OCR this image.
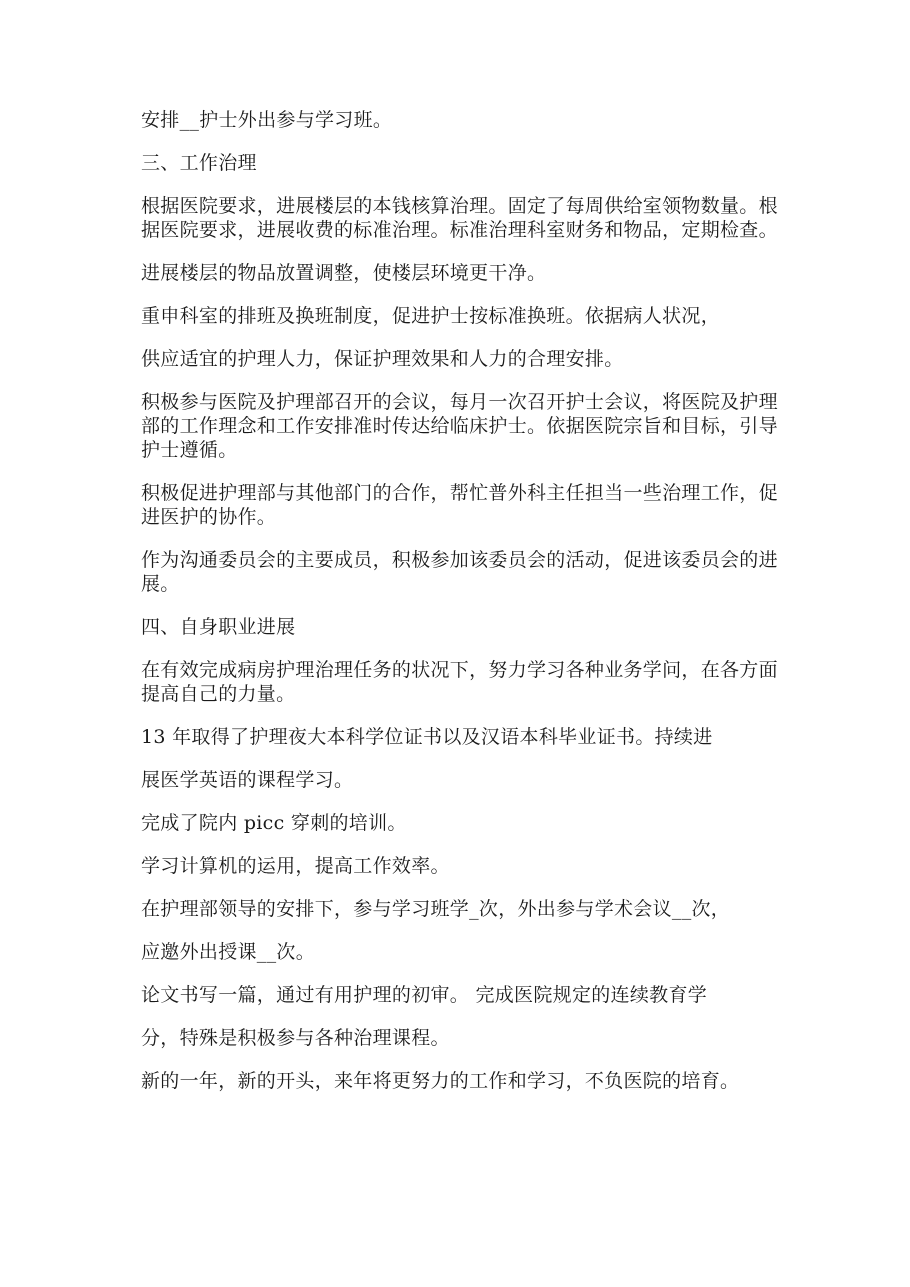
安排__护士外出参与学习班。

三、工作治理

根据医院要求，进展楼层的本钱核算治理。固定了每周供给室领物数量。根据医院要求，进展收费的标准治理。标准治理科室财务和物品，定期检查。

进展楼层的物品放置调整，使楼层环境更干净。

重申科室的排班及换班制度，促进护士按标准换班。依据病人状况，

供应适宜的护理人力，保证护理效果和人力的合理安排。

积极参与医院及护理部召开的会议，每月一次召开护士会议，将医院及护理部的工作理念和工作安排准时传达给临床护士。依据医院宗旨和目标，引导护士遵循。

积极促进护理部与其他部门的合作，帮忙普外科主任担当一些治理工作，促进医护的协作。

作为沟通委员会的主要成员，积极参加该委员会的活动，促进该委员会的进展。

四、自身职业进展

在有效完成病房护理治理任务的状况下，努力学习各种业务学问，在各方面提高自己的力量。

13 年取得了护理夜大本科学位证书以及汉语本科毕业证书。持续进

展医学英语的课程学习。

完成了院内 picc 穿刺的培训。

学习计算机的运用，提高工作效率。

在护理部领导的安排下，参与学习班学_次，外出参与学术会议__次，

应邀外出授课__次。

论文书写一篇，通过有用护理的初审。 完成医院规定的连续教育学

分，特殊是积极参与各种治理课程。

新的一年，新的开头，来年将更努力的工作和学习，不负医院的培育。
